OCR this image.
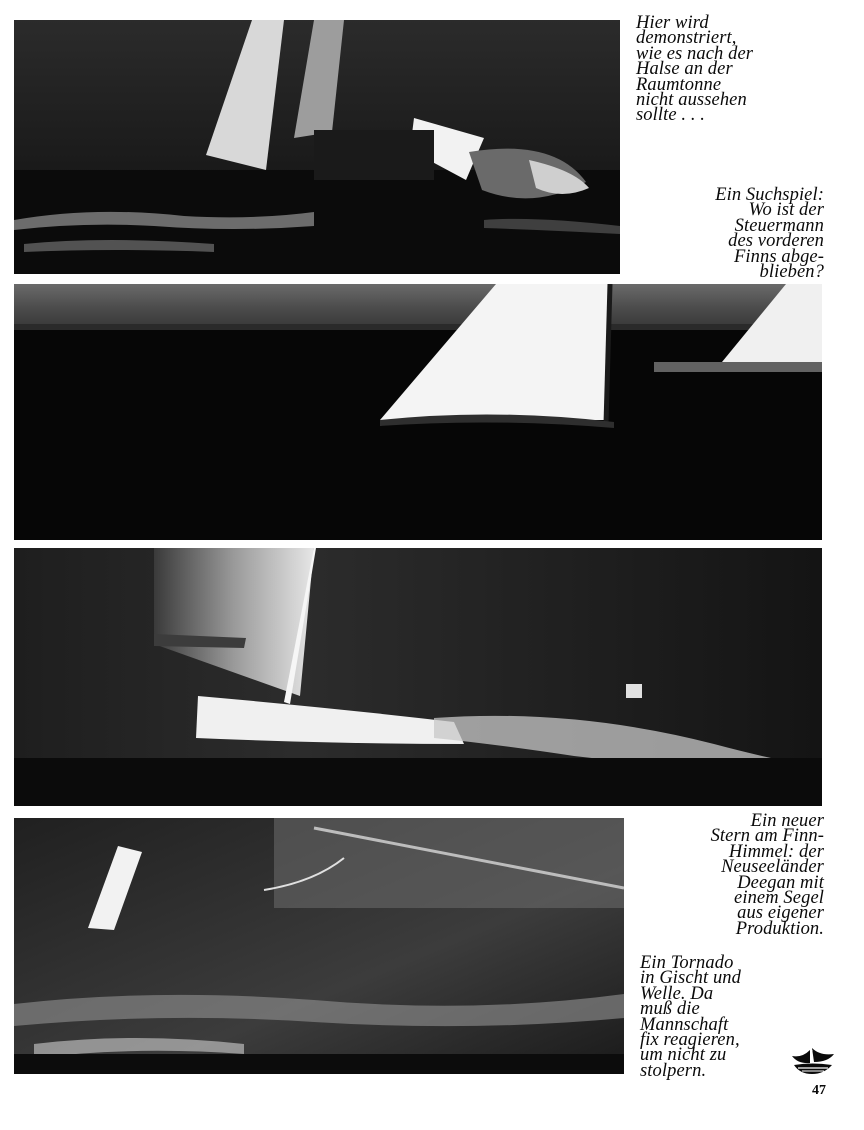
Hier wird
demonstriert,
wie es nach der
Halse an der
Raumtonne
nicht aussehen
sollte . . .
Ein Suchspiel:
Wo ist der
Steuermann
des vorderen
Finns abge-
blieben?
Ein neuer
Stern am Finn-
Himmel: der
Neuseeländer
Deegan mit
einem Segel
aus eigener
Produktion.
Ein Tornado
in Gischt und
Welle. Da
muß die
Mannschaft
fix reagieren,
um nicht zu
stolpern.
47
